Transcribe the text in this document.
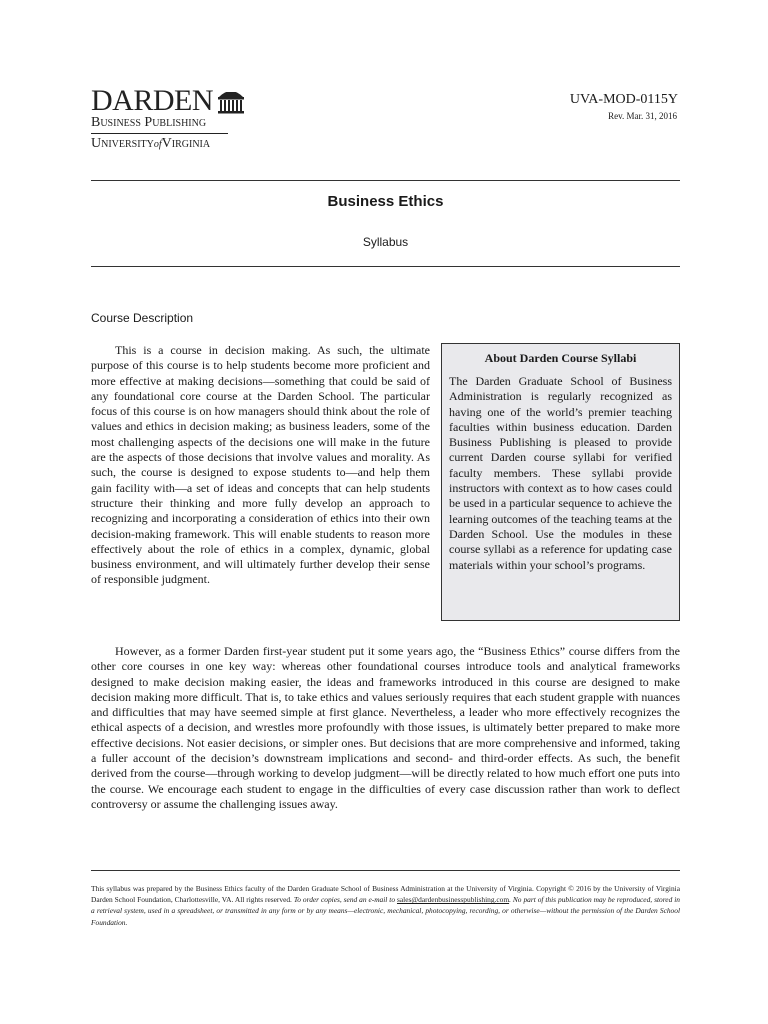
DARDEN
Business Publishing
UniversityofVirginia
UVA-MOD-0115Y
Rev. Mar. 31, 2016
Business Ethics
Syllabus
Course Description

This is a course in decision making. As such, the ultimate purpose of this course is to help students become more proficient and more effective at making decisions—something that could be said of any foundational core course at the Darden School. The particular focus of this course is on how managers should think about the role of values and ethics in decision making; as business leaders, some of the most challenging aspects of the decisions one will make in the future are the aspects of those decisions that involve values and morality. As such, the course is designed to expose students to—and help them gain facility with—a set of ideas and concepts that can help students structure their thinking and more fully develop an approach to recognizing and incorporating a consideration of ethics into their own decision-making framework. This will enable students to reason more effectively about the role of ethics in a complex, dynamic, global business environment, and will ultimately further develop their sense of responsible judgment.

About Darden Course Syllabi

The Darden Graduate School of Business Administration is regularly recognized as having one of the world’s premier teaching faculties within business education. Darden Business Publishing is pleased to provide current Darden course syllabi for verified faculty members. These syllabi provide instructors with context as to how cases could be used in a particular sequence to achieve the learning outcomes of the teaching teams at the Darden School. Use the modules in these course syllabi as a reference for updating case materials within your school’s programs.

However, as a former Darden first-year student put it some years ago, the “Business Ethics” course differs from the other core courses in one key way: whereas other foundational courses introduce tools and analytical frameworks designed to make decision making easier, the ideas and frameworks introduced in this course are designed to make decision making more difficult. That is, to take ethics and values seriously requires that each student grapple with nuances and difficulties that may have seemed simple at first glance. Nevertheless, a leader who more effectively recognizes the ethical aspects of a decision, and wrestles more profoundly with those issues, is ultimately better prepared to make more effective decisions. Not easier decisions, or simpler ones. But decisions that are more comprehensive and informed, taking a fuller account of the decision’s downstream implications and second- and third-order effects. As such, the benefit derived from the course—through working to develop judgment—will be directly related to how much effort one puts into the course. We encourage each student to engage in the difficulties of every case discussion rather than work to deflect controversy or assume the challenging issues away.

This syllabus was prepared by the Business Ethics faculty of the Darden Graduate School of Business Administration at the University of Virginia. Copyright © 2016 by the University of Virginia Darden School Foundation, Charlottesville, VA. All rights reserved. To order copies, send an e-mail to sales@dardenbusinesspublishing.com. No part of this publication may be reproduced, stored in a retrieval system, used in a spreadsheet, or transmitted in any form or by any means—electronic, mechanical, photocopying, recording, or otherwise—without the permission of the Darden School Foundation.
